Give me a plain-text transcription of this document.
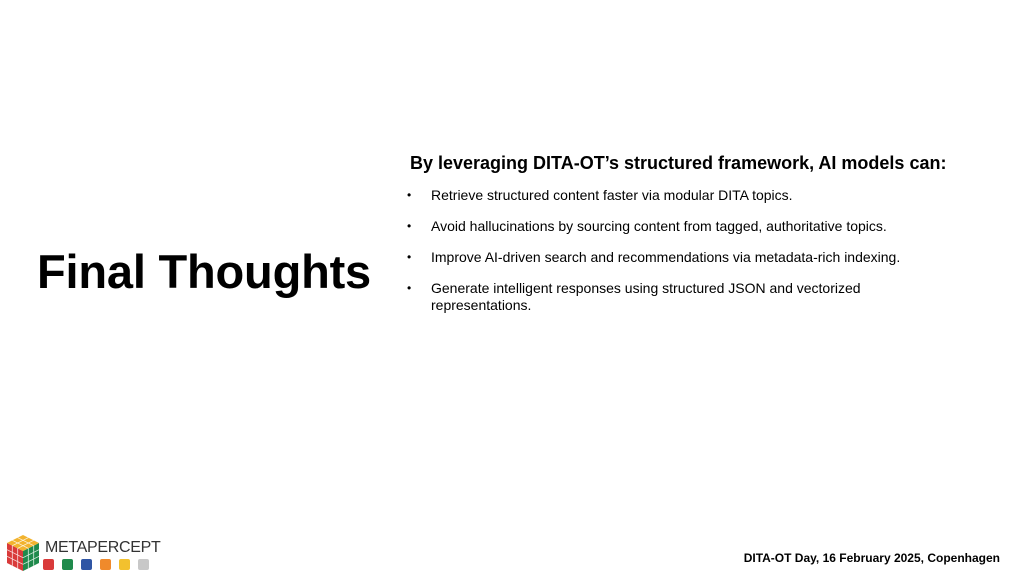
Final Thoughts

By leveraging DITA-OT’s structured framework, AI models can:

• Retrieve structured content faster via modular DITA topics.
• Avoid hallucinations by sourcing content from tagged, authoritative topics.
• Improve AI-driven search and recommendations via metadata-rich indexing.
• Generate intelligent responses using structured JSON and vectorized representations.
METAPERCEPT
DITA-OT Day, 16 February 2025, Copenhagen
